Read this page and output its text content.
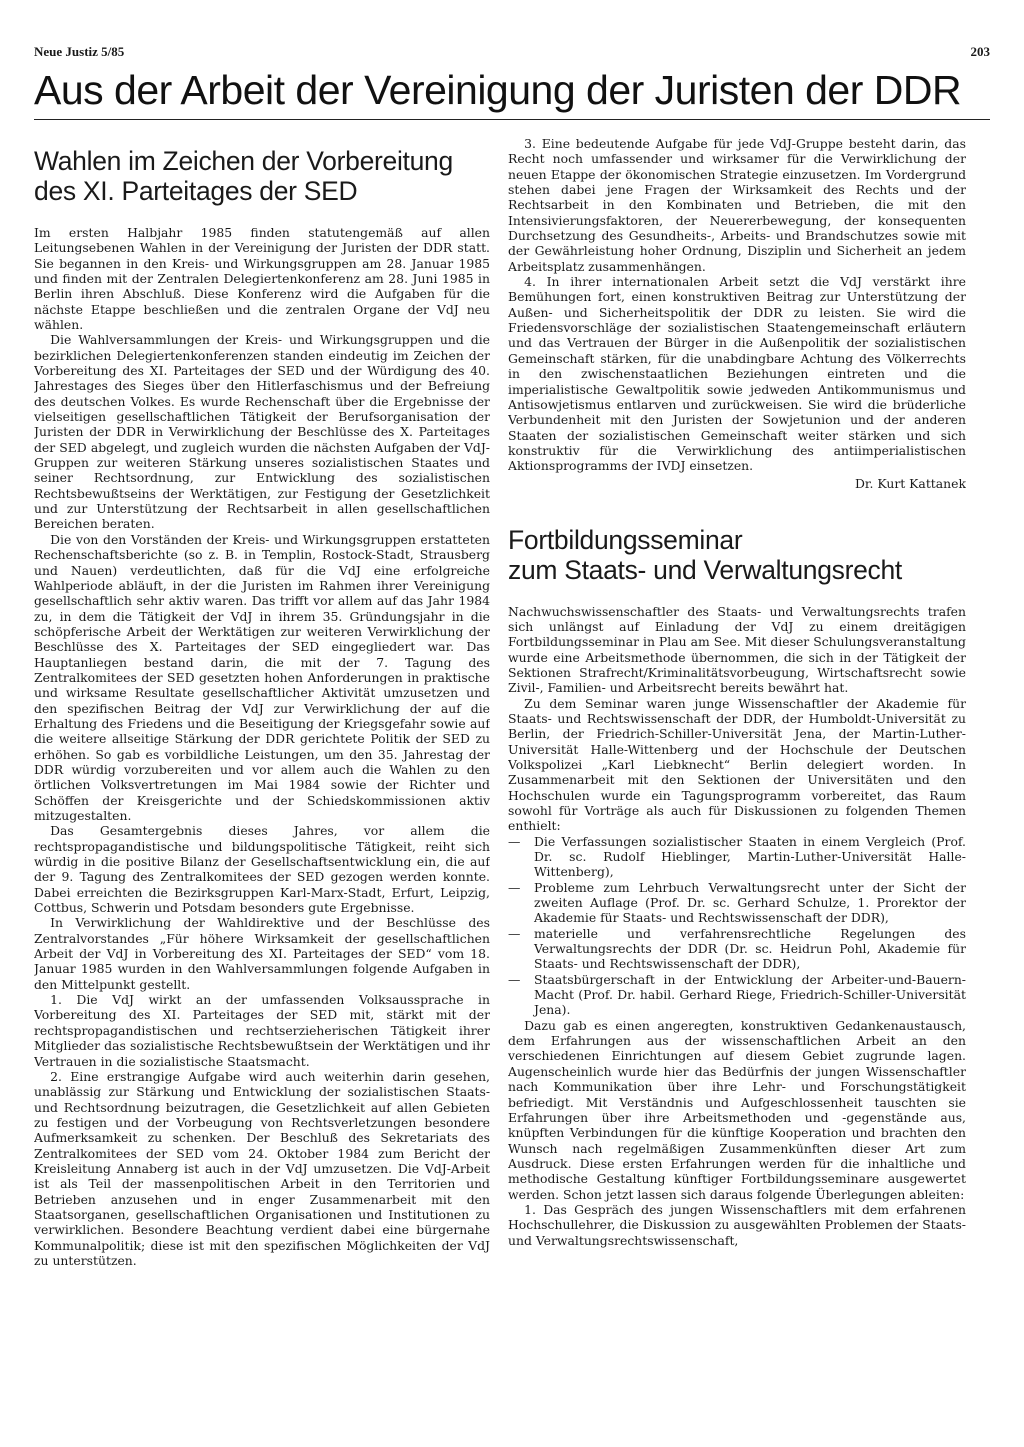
Neue Justiz 5/85	203
Aus der Arbeit der Vereinigung der Juristen der DDR
Wahlen im Zeichen der Vorbereitung
des XI. Parteitages der SED

Im ersten Halbjahr 1985 finden statutengemäß auf allen Leitungsebenen Wahlen in der Vereinigung der Juristen der DDR statt. Sie begannen in den Kreis- und Wirkungsgruppen am 28. Januar 1985 und finden mit der Zentralen Delegiertenkonferenz am 28. Juni 1985 in Berlin ihren Abschluß. Diese Konferenz wird die Aufgaben für die nächste Etappe beschließen und die zentralen Organe der VdJ neu wählen.

Die Wahlversammlungen der Kreis- und Wirkungsgruppen und die bezirklichen Delegiertenkonferenzen standen eindeutig im Zeichen der Vorbereitung des XI. Parteitages der SED und der Würdigung des 40. Jahrestages des Sieges über den Hitlerfaschismus und der Befreiung des deutschen Volkes. Es wurde Rechenschaft über die Ergebnisse der vielseitigen gesellschaftlichen Tätigkeit der Berufsorganisation der Juristen der DDR in Verwirklichung der Beschlüsse des X. Parteitages der SED abgelegt, und zugleich wurden die nächsten Aufgaben der VdJ-Gruppen zur weiteren Stärkung unseres sozialistischen Staates und seiner Rechtsordnung, zur Entwicklung des sozialistischen Rechtsbewußtseins der Werktätigen, zur Festigung der Gesetzlichkeit und zur Unterstützung der Rechtsarbeit in allen gesellschaftlichen Bereichen beraten.

Die von den Vorständen der Kreis- und Wirkungsgruppen erstatteten Rechenschaftsberichte (so z. B. in Templin, Rostock-Stadt, Strausberg und Nauen) verdeutlichten, daß für die VdJ eine erfolgreiche Wahlperiode abläuft, in der die Juristen im Rahmen ihrer Vereinigung gesellschaftlich sehr aktiv waren. Das trifft vor allem auf das Jahr 1984 zu, in dem die Tätigkeit der VdJ in ihrem 35. Gründungsjahr in die schöpferische Arbeit der Werktätigen zur weiteren Verwirklichung der Beschlüsse des X. Parteitages der SED eingegliedert war. Das Hauptanliegen bestand darin, die mit der 7. Tagung des Zentralkomitees der SED gesetzten hohen Anforderungen in praktische und wirksame Resultate gesellschaftlicher Aktivität umzusetzen und den spezifischen Beitrag der VdJ zur Verwirklichung der auf die Erhaltung des Friedens und die Beseitigung der Kriegsgefahr sowie auf die weitere allseitige Stärkung der DDR gerichtete Politik der SED zu erhöhen. So gab es vorbildliche Leistungen, um den 35. Jahrestag der DDR würdig vorzubereiten und vor allem auch die Wahlen zu den örtlichen Volksvertretungen im Mai 1984 sowie der Richter und Schöffen der Kreisgerichte und der Schiedskommissionen aktiv mitzugestalten.

Das Gesamtergebnis dieses Jahres, vor allem die rechtspropagandistische und bildungspolitische Tätigkeit, reiht sich würdig in die positive Bilanz der Gesellschaftsentwicklung ein, die auf der 9. Tagung des Zentralkomitees der SED gezogen werden konnte. Dabei erreichten die Bezirksgruppen Karl-Marx-Stadt, Erfurt, Leipzig, Cottbus, Schwerin und Potsdam besonders gute Ergebnisse.

In Verwirklichung der Wahldirektive und der Beschlüsse des Zentralvorstandes „Für höhere Wirksamkeit der gesellschaftlichen Arbeit der VdJ in Vorbereitung des XI. Parteitages der SED“ vom 18. Januar 1985 wurden in den Wahlversammlungen folgende Aufgaben in den Mittelpunkt gestellt.

1. Die VdJ wirkt an der umfassenden Volksaussprache in Vorbereitung des XI. Parteitages der SED mit, stärkt mit der rechtspropagandistischen und rechtserzieherischen Tätigkeit ihrer Mitglieder das sozialistische Rechtsbewußtsein der Werktätigen und ihr Vertrauen in die sozialistische Staatsmacht.

2. Eine erstrangige Aufgabe wird auch weiterhin darin gesehen, unablässig zur Stärkung und Entwicklung der sozialistischen Staats- und Rechtsordnung beizutragen, die Gesetzlichkeit auf allen Gebieten zu festigen und der Vorbeugung von Rechtsverletzungen besondere Aufmerksamkeit zu schenken. Der Beschluß des Sekretariats des Zentralkomitees der SED vom 24. Oktober 1984 zum Bericht der Kreisleitung Annaberg ist auch in der VdJ umzusetzen. Die VdJ-Arbeit ist als Teil der massenpolitischen Arbeit in den Territorien und Betrieben anzusehen und in enger Zusammenarbeit mit den Staatsorganen, gesellschaftlichen Organisationen und Institutionen zu verwirklichen. Besondere Beachtung verdient dabei eine bürgernahe Kommunalpolitik; diese ist mit den spezifischen Möglichkeiten der VdJ zu unterstützen.

3. Eine bedeutende Aufgabe für jede VdJ-Gruppe besteht darin, das Recht noch umfassender und wirksamer für die Verwirklichung der neuen Etappe der ökonomischen Strategie einzusetzen. Im Vordergrund stehen dabei jene Fragen der Wirksamkeit des Rechts und der Rechtsarbeit in den Kombinaten und Betrieben, die mit den Intensivierungsfaktoren, der Neuererbewegung, der konsequenten Durchsetzung des Gesundheits-, Arbeits- und Brandschutzes sowie mit der Gewährleistung hoher Ordnung, Disziplin und Sicherheit an jedem Arbeitsplatz zusammenhängen.

4. In ihrer internationalen Arbeit setzt die VdJ verstärkt ihre Bemühungen fort, einen konstruktiven Beitrag zur Unterstützung der Außen- und Sicherheitspolitik der DDR zu leisten. Sie wird die Friedensvorschläge der sozialistischen Staatengemeinschaft erläutern und das Vertrauen der Bürger in die Außenpolitik der sozialistischen Gemeinschaft stärken, für die unabdingbare Achtung des Völkerrechts in den zwischenstaatlichen Beziehungen eintreten und die imperialistische Gewaltpolitik sowie jedweden Antikommunismus und Antisowjetismus entlarven und zurückweisen. Sie wird die brüderliche Verbundenheit mit den Juristen der Sowjetunion und der anderen Staaten der sozialistischen Gemeinschaft weiter stärken und sich konstruktiv für die Verwirklichung des antiimperialistischen Aktionsprogramms der IVDJ einsetzen.

Dr. Kurt Kattanek

Fortbildungsseminar
zum Staats- und Verwaltungsrecht

Nachwuchswissenschaftler des Staats- und Verwaltungsrechts trafen sich unlängst auf Einladung der VdJ zu einem dreitägigen Fortbildungsseminar in Plau am See. Mit dieser Schulungsveranstaltung wurde eine Arbeitsmethode übernommen, die sich in der Tätigkeit der Sektionen Strafrecht/Kriminalitätsvorbeugung, Wirtschaftsrecht sowie Zivil-, Familien- und Arbeitsrecht bereits bewährt hat.

Zu dem Seminar waren junge Wissenschaftler der Akademie für Staats- und Rechtswissenschaft der DDR, der Humboldt-Universität zu Berlin, der Friedrich-Schiller-Universität Jena, der Martin-Luther-Universität Halle-Wittenberg und der Hochschule der Deutschen Volkspolizei „Karl Liebknecht“ Berlin delegiert worden. In Zusammenarbeit mit den Sektionen der Universitäten und den Hochschulen wurde ein Tagungsprogramm vorbereitet, das Raum sowohl für Vorträge als auch für Diskussionen zu folgenden Themen enthielt:

— Die Verfassungen sozialistischer Staaten in einem Vergleich (Prof. Dr. sc. Rudolf Hieblinger, Martin-Luther-Universität Halle-Wittenberg),
— Probleme zum Lehrbuch Verwaltungsrecht unter der Sicht der zweiten Auflage (Prof. Dr. sc. Gerhard Schulze, 1. Prorektor der Akademie für Staats- und Rechtswissenschaft der DDR),
— materielle und verfahrensrechtliche Regelungen des Verwaltungsrechts der DDR (Dr. sc. Heidrun Pohl, Akademie für Staats- und Rechtswissenschaft der DDR),
— Staatsbürgerschaft in der Entwicklung der Arbeiter-und-Bauern-Macht (Prof. Dr. habil. Gerhard Riege, Friedrich-Schiller-Universität Jena).

Dazu gab es einen angeregten, konstruktiven Gedankenaustausch, dem Erfahrungen aus der wissenschaftlichen Arbeit an den verschiedenen Einrichtungen auf diesem Gebiet zugrunde lagen. Augenscheinlich wurde hier das Bedürfnis der jungen Wissenschaftler nach Kommunikation über ihre Lehr- und Forschungstätigkeit befriedigt. Mit Verständnis und Aufgeschlossenheit tauschten sie Erfahrungen über ihre Arbeitsmethoden und -gegenstände aus, knüpften Verbindungen für die künftige Kooperation und brachten den Wunsch nach regelmäßigen Zusammenkünften dieser Art zum Ausdruck. Diese ersten Erfahrungen werden für die inhaltliche und methodische Gestaltung künftiger Fortbildungsseminare ausgewertet werden. Schon jetzt lassen sich daraus folgende Überlegungen ableiten:

1. Das Gespräch des jungen Wissenschaftlers mit dem erfahrenen Hochschullehrer, die Diskussion zu ausgewählten Problemen der Staats- und Verwaltungsrechtswissenschaft,
